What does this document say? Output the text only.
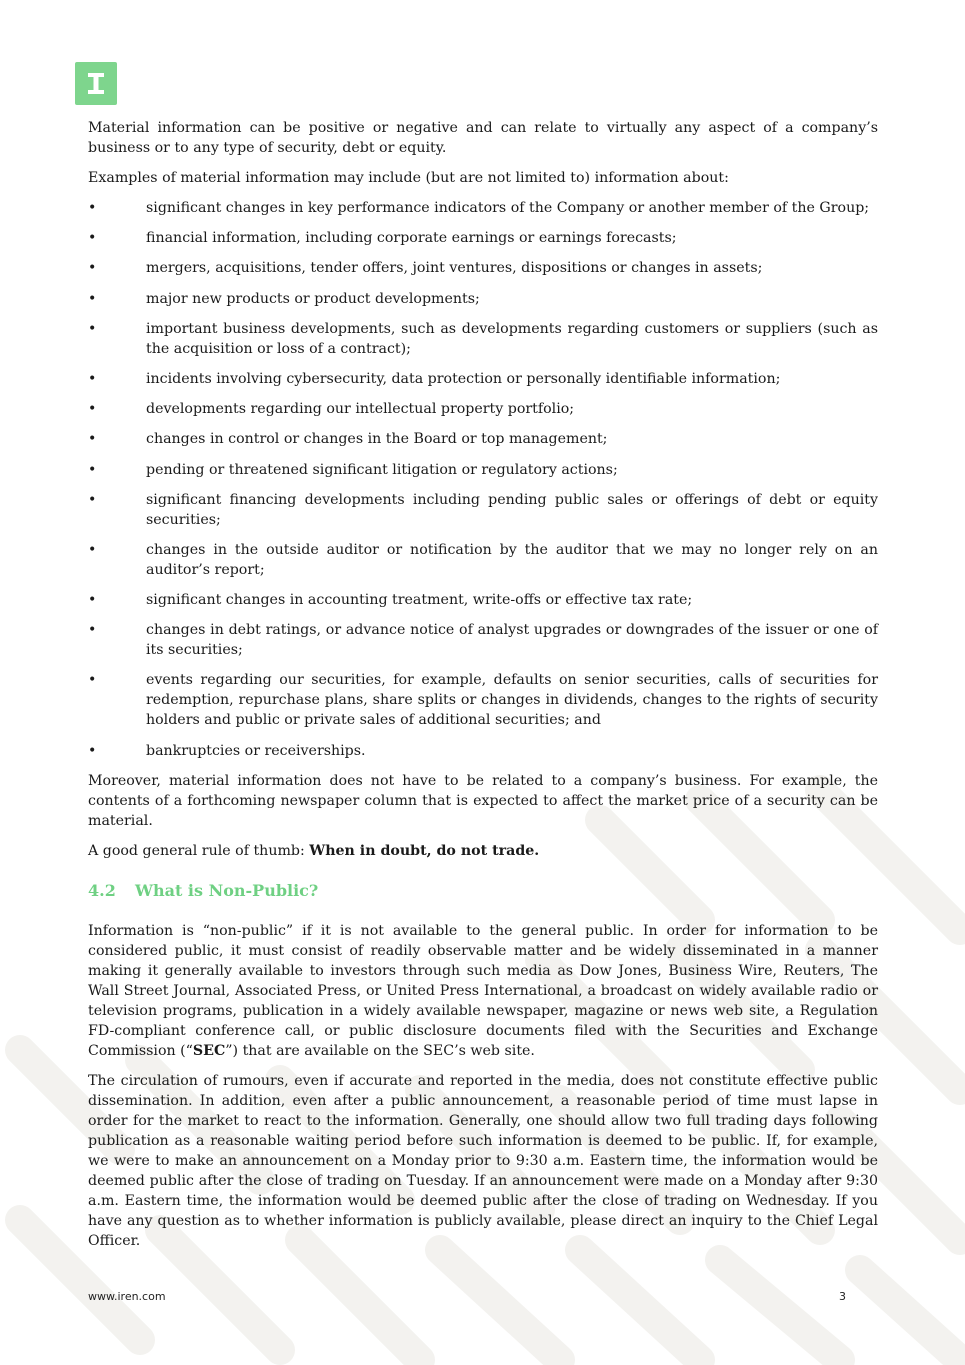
Material information can be positive or negative and can relate to virtually any aspect of a company’s business or to any type of security, debt or equity.

Examples of material information may include (but are not limited to) information about:

•	significant changes in key performance indicators of the Company or another member of the Group;
•	financial information, including corporate earnings or earnings forecasts;
•	mergers, acquisitions, tender offers, joint ventures, dispositions or changes in assets;
•	major new products or product developments;
•	important business developments, such as developments regarding customers or suppliers (such as the acquisition or loss of a contract);
•	incidents involving cybersecurity, data protection or personally identifiable information;
•	developments regarding our intellectual property portfolio;
•	changes in control or changes in the Board or top management;
•	pending or threatened significant litigation or regulatory actions;
•	significant financing developments including pending public sales or offerings of debt or equity securities;
•	changes in the outside auditor or notification by the auditor that we may no longer rely on an auditor’s report;
•	significant changes in accounting treatment, write-offs or effective tax rate;
•	changes in debt ratings, or advance notice of analyst upgrades or downgrades of the issuer or one of its securities;
•	events regarding our securities, for example, defaults on senior securities, calls of securities for redemption, repurchase plans, share splits or changes in dividends, changes to the rights of security holders and public or private sales of additional securities; and
•	bankruptcies or receiverships.

Moreover, material information does not have to be related to a company’s business. For example, the contents of a forthcoming newspaper column that is expected to affect the market price of a security can be material.

A good general rule of thumb: When in doubt, do not trade.

4.2 What is Non-Public?

Information is “non-public” if it is not available to the general public. In order for information to be considered public, it must consist of readily observable matter and be widely disseminated in a manner making it generally available to investors through such media as Dow Jones, Business Wire, Reuters, The Wall Street Journal, Associated Press, or United Press International, a broadcast on widely available radio or television programs, publication in a widely available newspaper, magazine or news web site, a Regulation FD-compliant conference call, or public disclosure documents filed with the Securities and Exchange Commission (“SEC”) that are available on the SEC’s web site.

The circulation of rumours, even if accurate and reported in the media, does not constitute effective public dissemination. In addition, even after a public announcement, a reasonable period of time must lapse in order for the market to react to the information. Generally, one should allow two full trading days following publication as a reasonable waiting period before such information is deemed to be public. If, for example, we were to make an announcement on a Monday prior to 9:30 a.m. Eastern time, the information would be deemed public after the close of trading on Tuesday. If an announcement were made on a Monday after 9:30 a.m. Eastern time, the information would be deemed public after the close of trading on Wednesday. If you have any question as to whether information is publicly available, please direct an inquiry to the Chief Legal Officer.

www.iren.com	3
